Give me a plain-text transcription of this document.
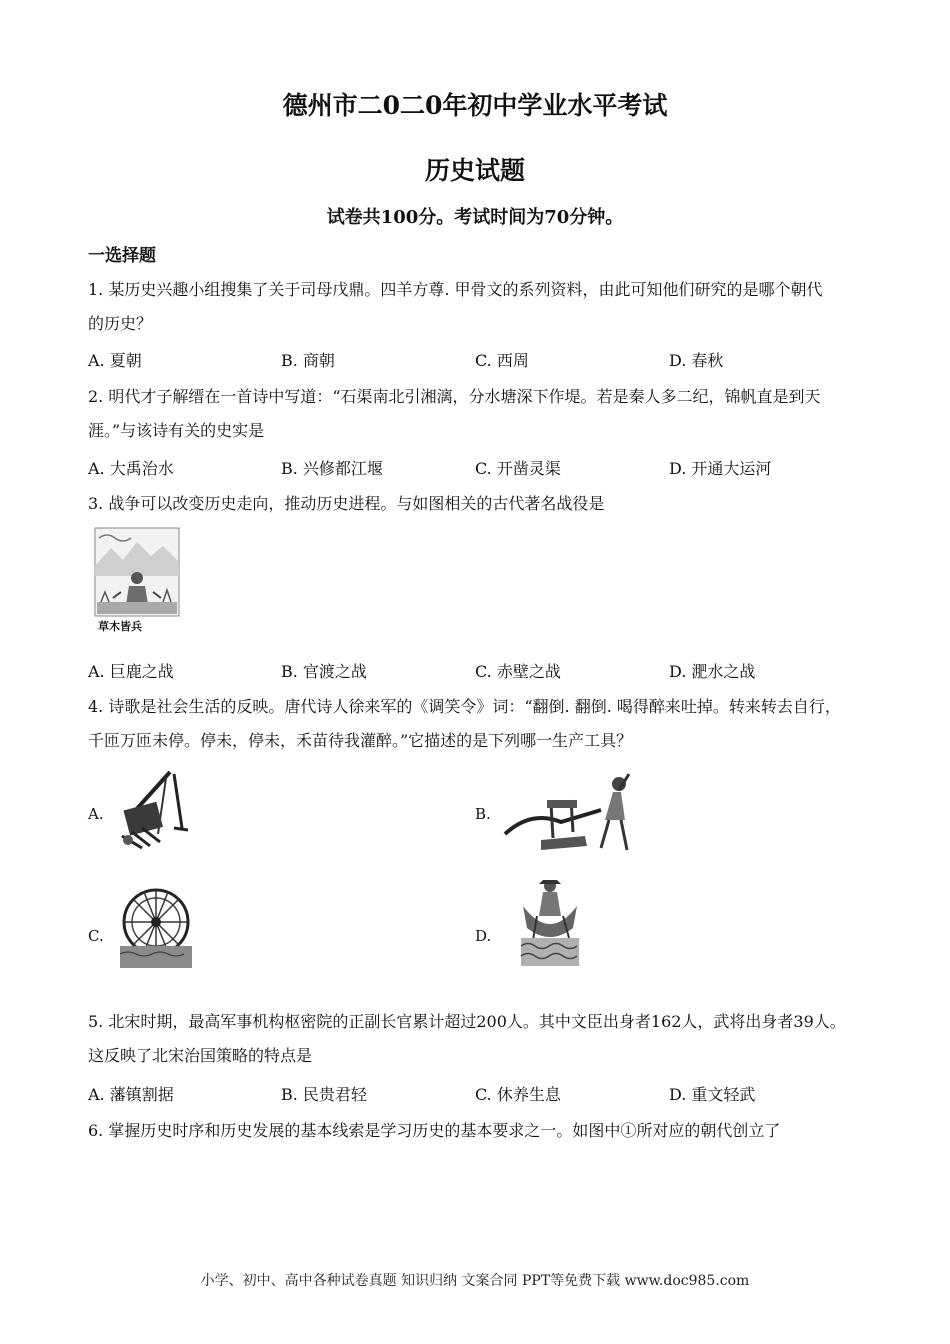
德州市二0二0年初中学业水平考试
历史试题
试卷共100分。考试时间为70分钟。
一选择题
1. 某历史兴趣小组搜集了关于司母戊鼎。四羊方尊. 甲骨文的系列资料，由此可知他们研究的是哪个朝代
的历史？
A. 夏朝	B. 商朝	C. 西周	D. 春秋
2. 明代才子解缙在一首诗中写道：“石渠南北引湘漓，分水塘深下作堤。若是秦人多二纪，锦帆直是到天
涯。”与该诗有关的史实是
A. 大禹治水	B. 兴修都江堰	C. 开凿灵渠	D. 开通大运河
3. 战争可以改变历史走向，推动历史进程。与如图相关的古代著名战役是
草木皆兵
A. 巨鹿之战	B. 官渡之战	C. 赤壁之战	D. 淝水之战
4. 诗歌是社会生活的反映。唐代诗人徐来军的《调笑令》词：“翻倒. 翻倒. 喝得醉来吐掉。转来转去自行，
千匝万匝未停。停未，停未，禾苗待我灌醉。”它描述的是下列哪一生产工具？
A.	B.
C.	D.
5. 北宋时期，最高军事机构枢密院的正副长官累计超过200人。其中文臣出身者162人，武将出身者39人。
这反映了北宋治国策略的特点是
A. 藩镇割据	B. 民贵君轻	C. 休养生息	D. 重文轻武
6. 掌握历史时序和历史发展的基本线索是学习历史的基本要求之一。如图中①所对应的朝代创立了
小学、初中、高中各种试卷真题 知识归纳 文案合同 PPT等免费下载 www.doc985.com
